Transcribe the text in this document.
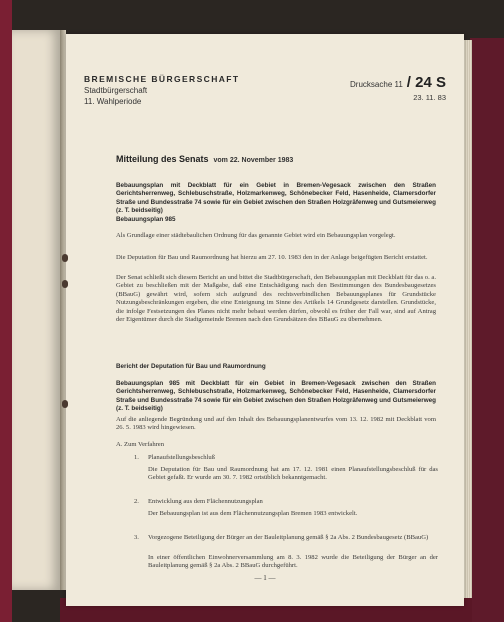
BREMISCHE BÜRGERSCHAFT
Stadtbürgerschaft
11. Wahlperiode
Drucksache 11 / 24 S
23. 11. 83
Mitteilung des Senats vom 22. November 1983
Bebauungsplan mit Deckblatt für ein Gebiet in Bremen-Vegesack zwischen den Straßen Gerichtsherrenweg, Schlebuschstraße, Holzmarkenweg, Schönebecker Feld, Hasenheide, Clamersdorfer Straße und Bundesstraße 74 sowie für ein Gebiet zwischen den Straßen Holzgräfenweg und Gutsmeierweg (z. T. beidseitig)
Bebauungsplan 985
Als Grundlage einer städtebaulichen Ordnung für das genannte Gebiet wird ein Bebauungsplan vorgelegt.
Die Deputation für Bau und Raumordnung hat hierzu am 27. 10. 1983 den in der Anlage beigefügten Bericht erstattet.
Der Senat schließt sich diesem Bericht an und bittet die Stadtbürgerschaft, den Bebauungsplan mit Deckblatt für das o. a. Gebiet zu beschließen mit der Maßgabe, daß eine Entschädigung nach den Bestimmungen des Bundesbaugesetzes (BBauG) gewährt wird, sofern sich aufgrund des rechtsverbindlichen Bebauungsplanes für Grundstücke Nutzungsbeschränkungen ergeben, die eine Enteignung im Sinne des Artikels 14 Grundgesetz darstellen. Grundstücke, die infolge Festsetzungen des Planes nicht mehr bebaut werden dürfen, obwohl es früher der Fall war, sind auf Antrag der Eigentümer durch die Stadtgemeinde Bremen nach den Grundsätzen des BBauG zu übernehmen.
Bericht der Deputation für Bau und Raumordnung
Bebauungsplan 985 mit Deckblatt für ein Gebiet in Bremen-Vegesack zwischen den Straßen Gerichtsherrenweg, Schlebuschstraße, Holzmarkenweg, Schönebecker Feld, Hasenheide, Clamersdorfer Straße und Bundesstraße 74 sowie für ein Gebiet zwischen den Straßen Holzgräfenweg und Gutsmeierweg (z. T. beidseitig)
Auf die anliegende Begründung und auf den Inhalt des Bebauungsplanentwurfes vom 13. 12. 1982 mit Deckblatt vom 26. 5. 1983 wird hingewiesen.
A. Zum Verfahren
1. Planaufstellungsbeschluß
Die Deputation für Bau und Raumordnung hat am 17. 12. 1981 einen Planaufstellungsbeschluß für das Gebiet gefaßt. Er wurde am 30. 7. 1982 ortsüblich bekanntgemacht.
2. Entwicklung aus dem Flächennutzungsplan
Der Bebauungsplan ist aus dem Flächennutzungsplan Bremen 1983 entwickelt.
3. Vorgezogene Beteiligung der Bürger an der Bauleitplanung gemäß § 2a Abs. 2 Bundesbaugesetz (BBauG)
In einer öffentlichen Einwohnerversammlung am 8. 3. 1982 wurde die Beteiligung der Bürger an der Bauleitplanung gemäß § 2a Abs. 2 BBauG durchgeführt.
— 1 —
